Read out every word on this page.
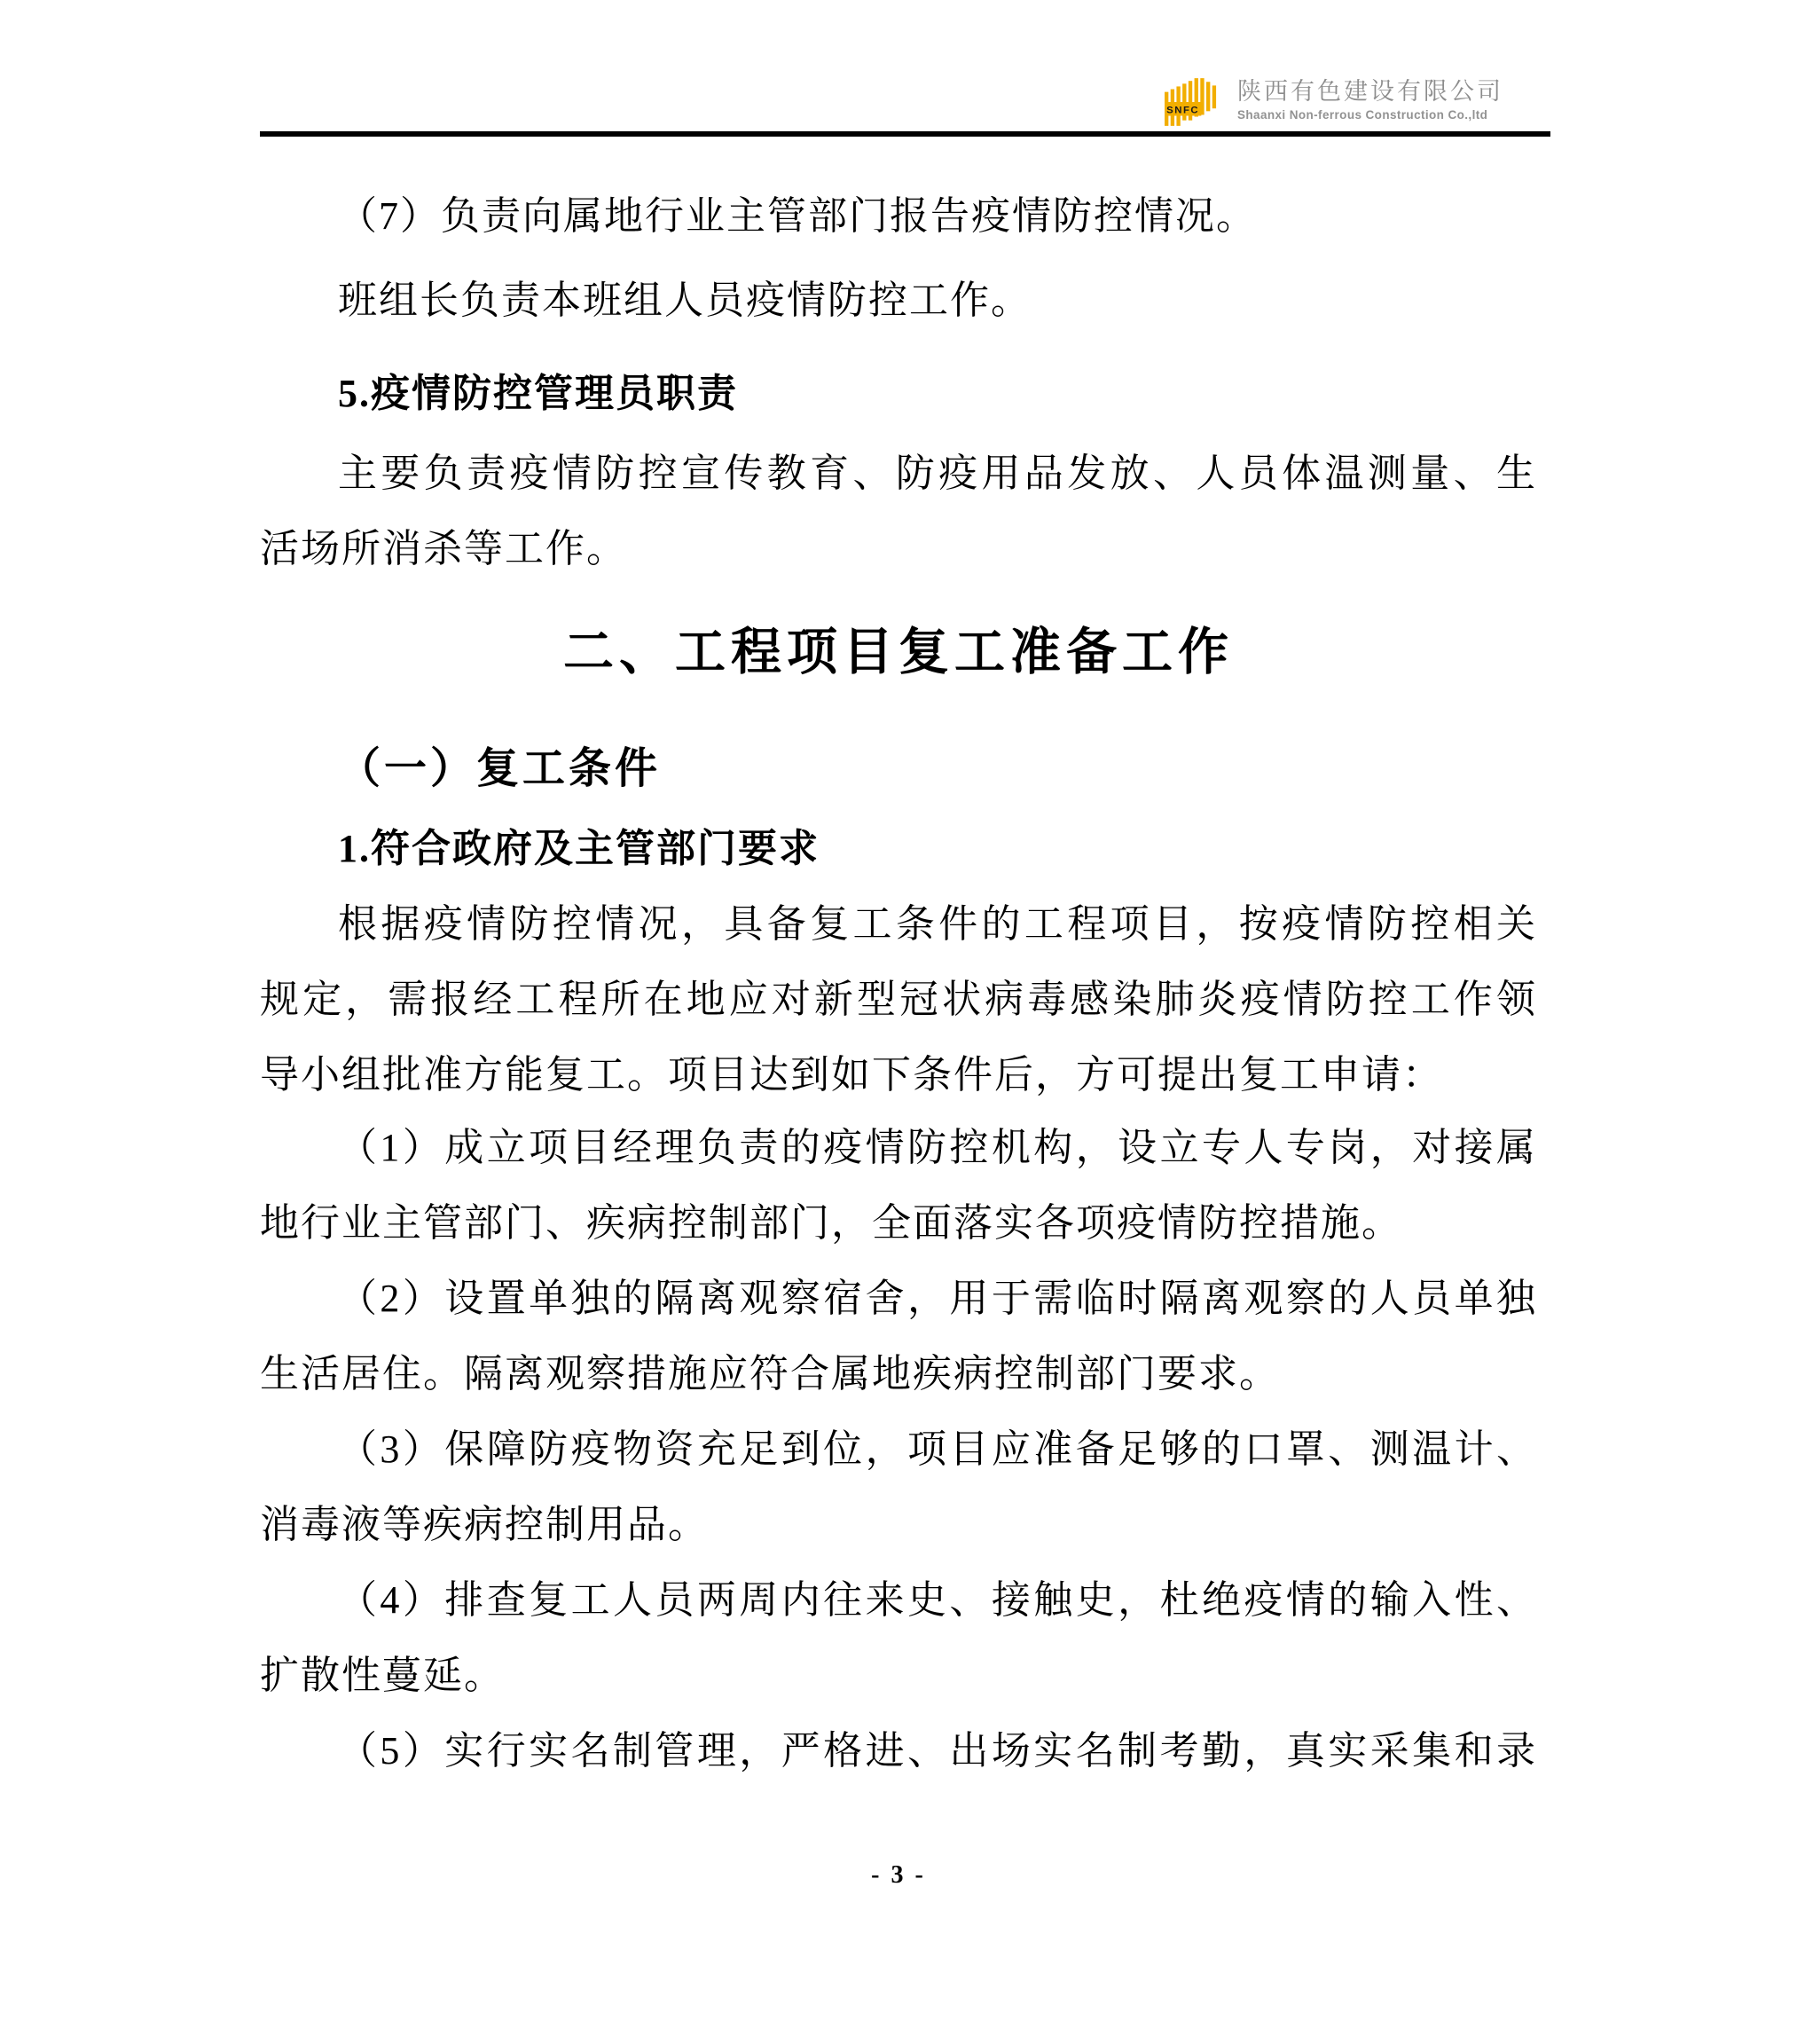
SNFC
陕西有色建设有限公司
Shaanxi Non-ferrous Construction Co.,ltd
（7）负责向属地行业主管部门报告疫情防控情况。
班组长负责本班组人员疫情防控工作。
5.疫情防控管理员职责
主要负责疫情防控宣传教育、防疫用品发放、人员体温测量、生
活场所消杀等工作。
二、工程项目复工准备工作
（一）复工条件
1.符合政府及主管部门要求
根据疫情防控情况，具备复工条件的工程项目，按疫情防控相关
规定，需报经工程所在地应对新型冠状病毒感染肺炎疫情防控工作领
导小组批准方能复工。项目达到如下条件后，方可提出复工申请：
（1）成立项目经理负责的疫情防控机构，设立专人专岗，对接属
地行业主管部门、疾病控制部门，全面落实各项疫情防控措施。
（2）设置单独的隔离观察宿舍，用于需临时隔离观察的人员单独
生活居住。隔离观察措施应符合属地疾病控制部门要求。
（3）保障防疫物资充足到位，项目应准备足够的口罩、测温计、
消毒液等疾病控制用品。
（4）排查复工人员两周内往来史、接触史，杜绝疫情的输入性、
扩散性蔓延。
（5）实行实名制管理，严格进、出场实名制考勤，真实采集和录
- 3 -
